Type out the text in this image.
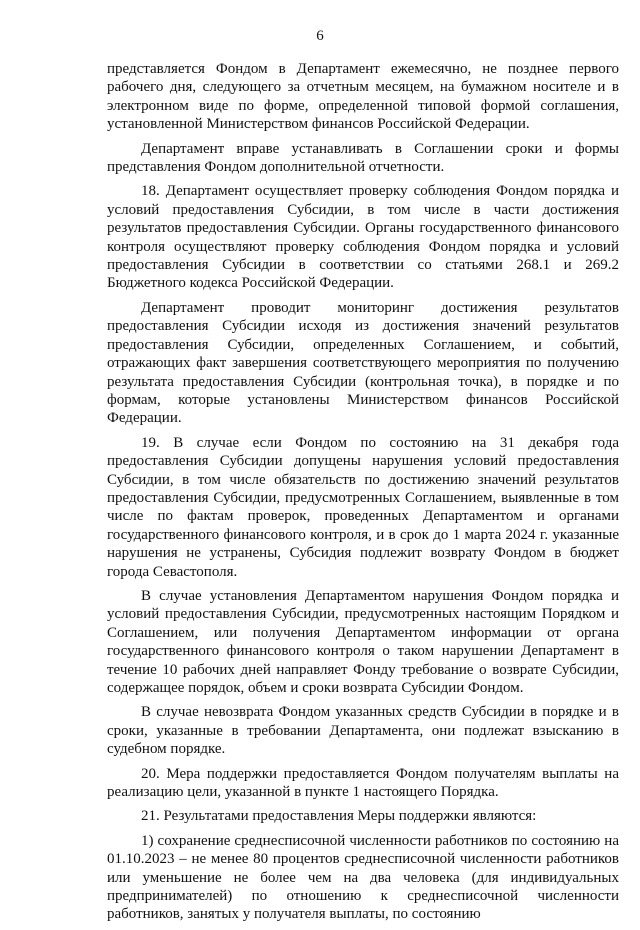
6

представляется Фондом в Департамент ежемесячно, не позднее первого рабочего дня, следующего за отчетным месяцем, на бумажном носителе и в электронном виде по форме, определенной типовой формой соглашения, установленной Министерством финансов Российской Федерации.

Департамент вправе устанавливать в Соглашении сроки и формы представления Фондом дополнительной отчетности.

18. Департамент осуществляет проверку соблюдения Фондом порядка и условий предоставления Субсидии, в том числе в части достижения результатов предоставления Субсидии. Органы государственного финансового контроля осуществляют проверку соблюдения Фондом порядка и условий предоставления Субсидии в соответствии со статьями 268.1 и 269.2 Бюджетного кодекса Российской Федерации.

Департамент проводит мониторинг достижения результатов предоставления Субсидии исходя из достижения значений результатов предоставления Субсидии, определенных Соглашением, и событий, отражающих факт завершения соответствующего мероприятия по получению результата предоставления Субсидии (контрольная точка), в порядке и по формам, которые установлены Министерством финансов Российской Федерации.

19. В случае если Фондом по состоянию на 31 декабря года предоставления Субсидии допущены нарушения условий предоставления Субсидии, в том числе обязательств по достижению значений результатов предоставления Субсидии, предусмотренных Соглашением, выявленные в том числе по фактам проверок, проведенных Департаментом и органами государственного финансового контроля, и в срок до 1 марта 2024 г. указанные нарушения не устранены, Субсидия подлежит возврату Фондом в бюджет города Севастополя.

В случае установления Департаментом нарушения Фондом порядка и условий предоставления Субсидии, предусмотренных настоящим Порядком и Соглашением, или получения Департаментом информации от органа государственного финансового контроля о таком нарушении Департамент в течение 10 рабочих дней направляет Фонду требование о возврате Субсидии, содержащее порядок, объем и сроки возврата Субсидии Фондом.

В случае невозврата Фондом указанных средств Субсидии в порядке и в сроки, указанные в требовании Департамента, они подлежат взысканию в судебном порядке.

20. Мера поддержки предоставляется Фондом получателям выплаты на реализацию цели, указанной в пункте 1 настоящего Порядка.

21. Результатами предоставления Меры поддержки являются:

1) сохранение среднесписочной численности работников по состоянию на 01.10.2023 – не менее 80 процентов среднесписочной численности работников или уменьшение не более чем на два человека (для индивидуальных предпринимателей) по отношению к среднесписочной численности работников, занятых у получателя выплаты, по состоянию
